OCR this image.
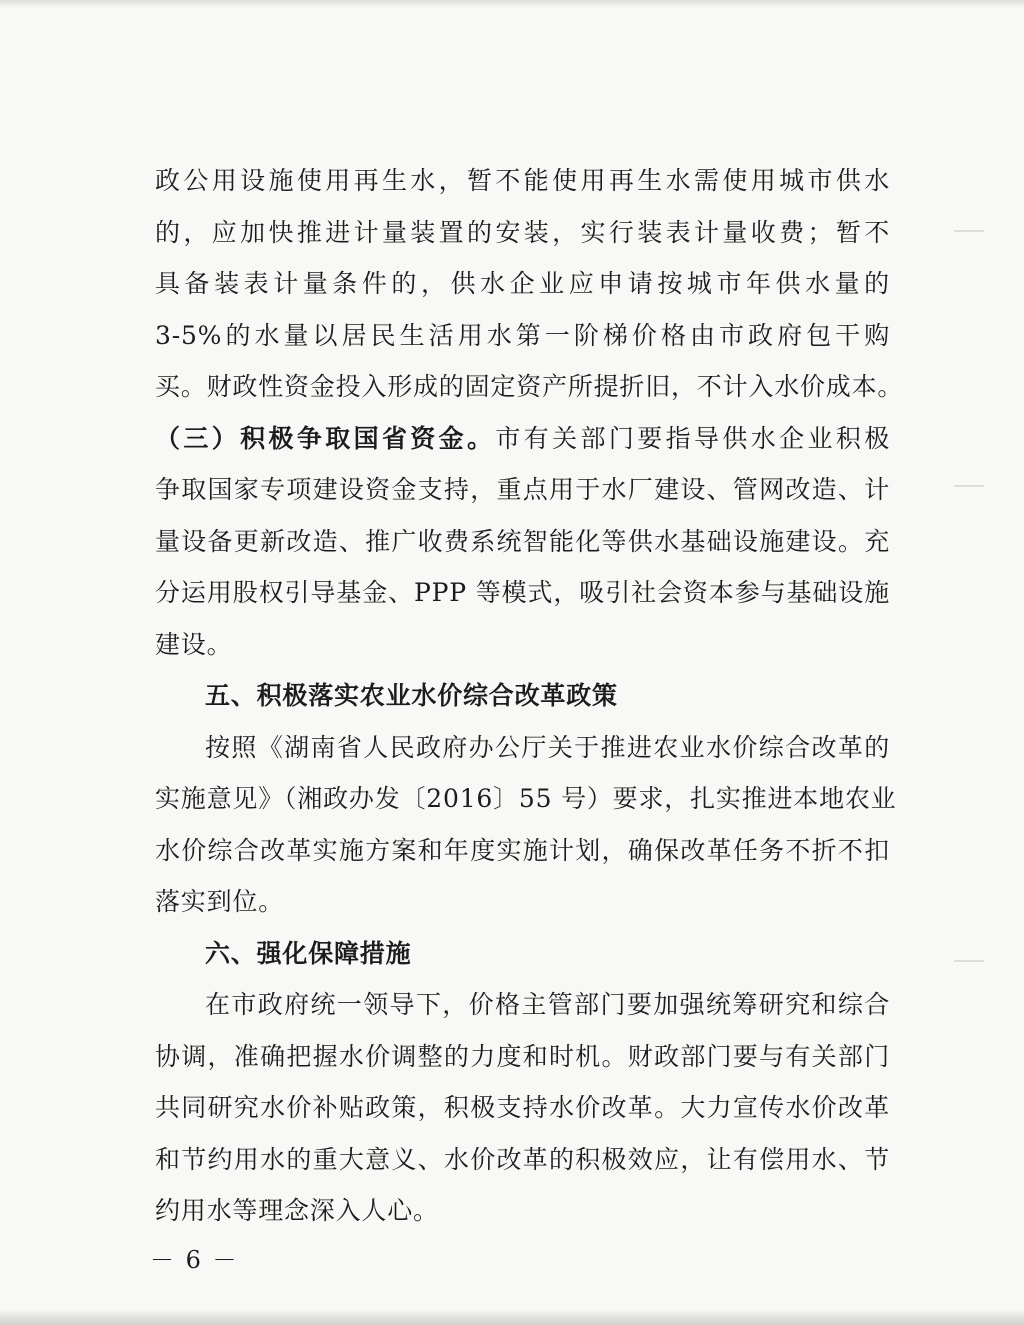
政公用设施使用再生水，暂不能使用再生水需使用城市供水
的，应加快推进计量装置的安装，实行装表计量收费；暂不
具备装表计量条件的，供水企业应申请按城市年供水量的
3-5%的水量以居民生活用水第一阶梯价格由市政府包干购
买。财政性资金投入形成的固定资产所提折旧，不计入水价成本。
（三）积极争取国省资金。市有关部门要指导供水企业积极
争取国家专项建设资金支持，重点用于水厂建设、管网改造、计
量设备更新改造、推广收费系统智能化等供水基础设施建设。充
分运用股权引导基金、PPP 等模式，吸引社会资本参与基础设施
建设。
五、积极落实农业水价综合改革政策
按照《湖南省人民政府办公厅关于推进农业水价综合改革的
实施意见》（湘政办发〔2016〕55 号）要求，扎实推进本地农业
水价综合改革实施方案和年度实施计划，确保改革任务不折不扣
落实到位。
六、强化保障措施
在市政府统一领导下，价格主管部门要加强统筹研究和综合
协调，准确把握水价调整的力度和时机。财政部门要与有关部门
共同研究水价补贴政策，积极支持水价改革。大力宣传水价改革
和节约用水的重大意义、水价改革的积极效应，让有偿用水、节
约用水等理念深入人心。
－ 6 －
